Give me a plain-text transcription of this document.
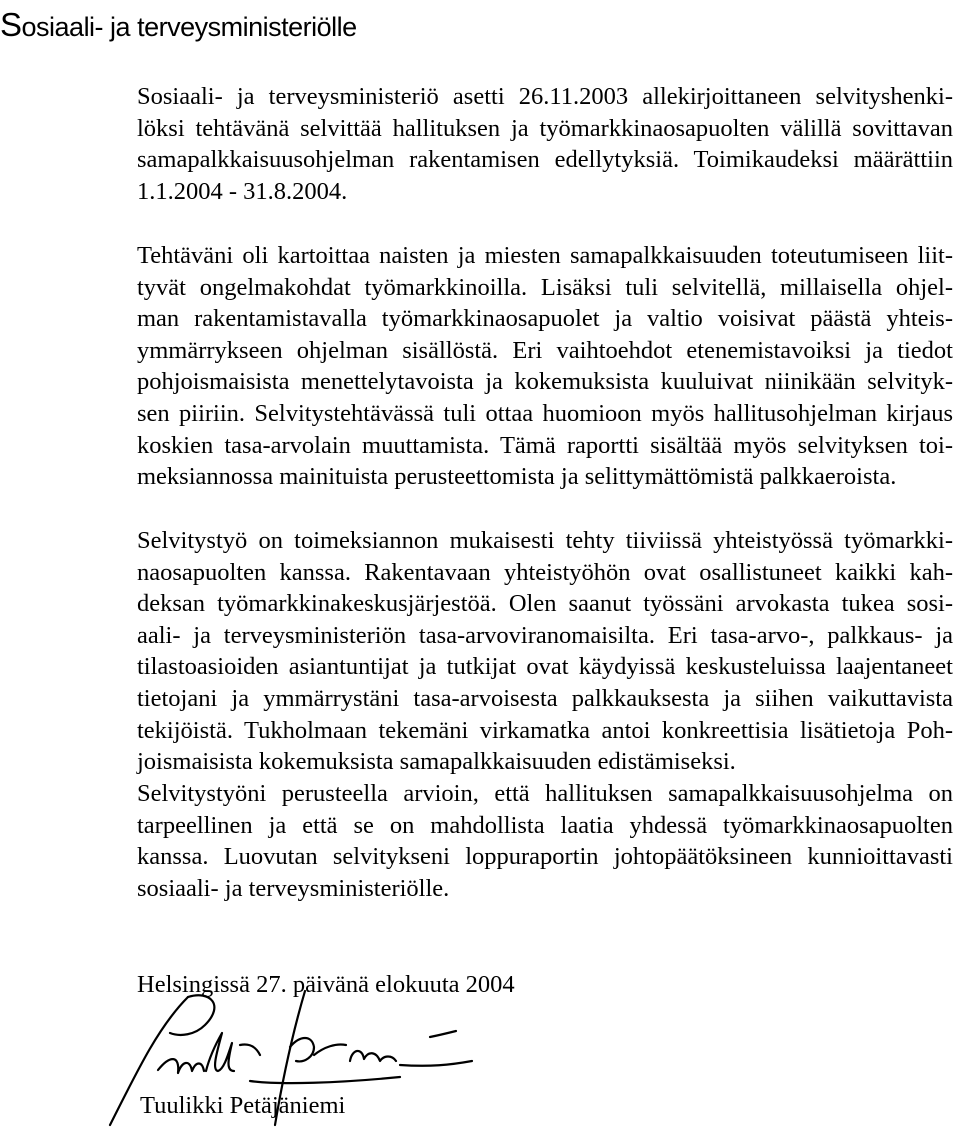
Sosiaali- ja terveysministeriölle
Sosiaali- ja terveysministeriö asetti 26.11.2003 allekirjoittaneen selvityshenki-
löksi tehtävänä selvittää hallituksen ja työmarkkinaosapuolten välillä sovittavan
samapalkkaisuusohjelman rakentamisen edellytyksiä. Toimikaudeksi määrättiin
1.1.2004 - 31.8.2004.
Tehtäväni oli kartoittaa naisten ja miesten samapalkkaisuuden toteutumiseen liit-
tyvät ongelmakohdat työmarkkinoilla. Lisäksi tuli selvitellä, millaisella ohjel-
man rakentamistavalla työmarkkinaosapuolet ja valtio voisivat päästä yhteis-
ymmärrykseen ohjelman sisällöstä. Eri vaihtoehdot etenemistavoiksi ja tiedot
pohjoismaisista menettelytavoista ja kokemuksista kuuluivat niinikään selvityk-
sen piiriin. Selvitystehtävässä tuli ottaa huomioon myös hallitusohjelman kirjaus
koskien tasa-arvolain muuttamista. Tämä raportti sisältää myös selvityksen toi-
meksiannossa mainituista perusteettomista ja selittymättömistä palkkaeroista.
Selvitystyö on toimeksiannon mukaisesti tehty tiiviissä yhteistyössä työmarkki-
naosapuolten kanssa. Rakentavaan yhteistyöhön ovat osallistuneet kaikki kah-
deksan työmarkkinakeskusjärjestöä. Olen saanut työssäni arvokasta tukea sosi-
aali- ja terveysministeriön tasa-arvoviranomaisilta. Eri tasa-arvo-, palkkaus- ja
tilastoasioiden asiantuntijat ja tutkijat ovat käydyissä keskusteluissa laajentaneet
tietojani ja ymmärrystäni tasa-arvoisesta palkkauksesta ja siihen vaikuttavista
tekijöistä. Tukholmaan tekemäni virkamatka antoi konkreettisia lisätietoja Poh-
joismaisista kokemuksista samapalkkaisuuden edistämiseksi.
Selvitystyöni perusteella arvioin, että hallituksen samapalkkaisuusohjelma on
tarpeellinen ja että se on mahdollista laatia yhdessä työmarkkinaosapuolten
kanssa. Luovutan selvitykseni loppuraportin johtopäätöksineen kunnioittavasti
sosiaali- ja terveysministeriölle.
Helsingissä 27. päivänä elokuuta 2004
Tuulikki Petäjäniemi
